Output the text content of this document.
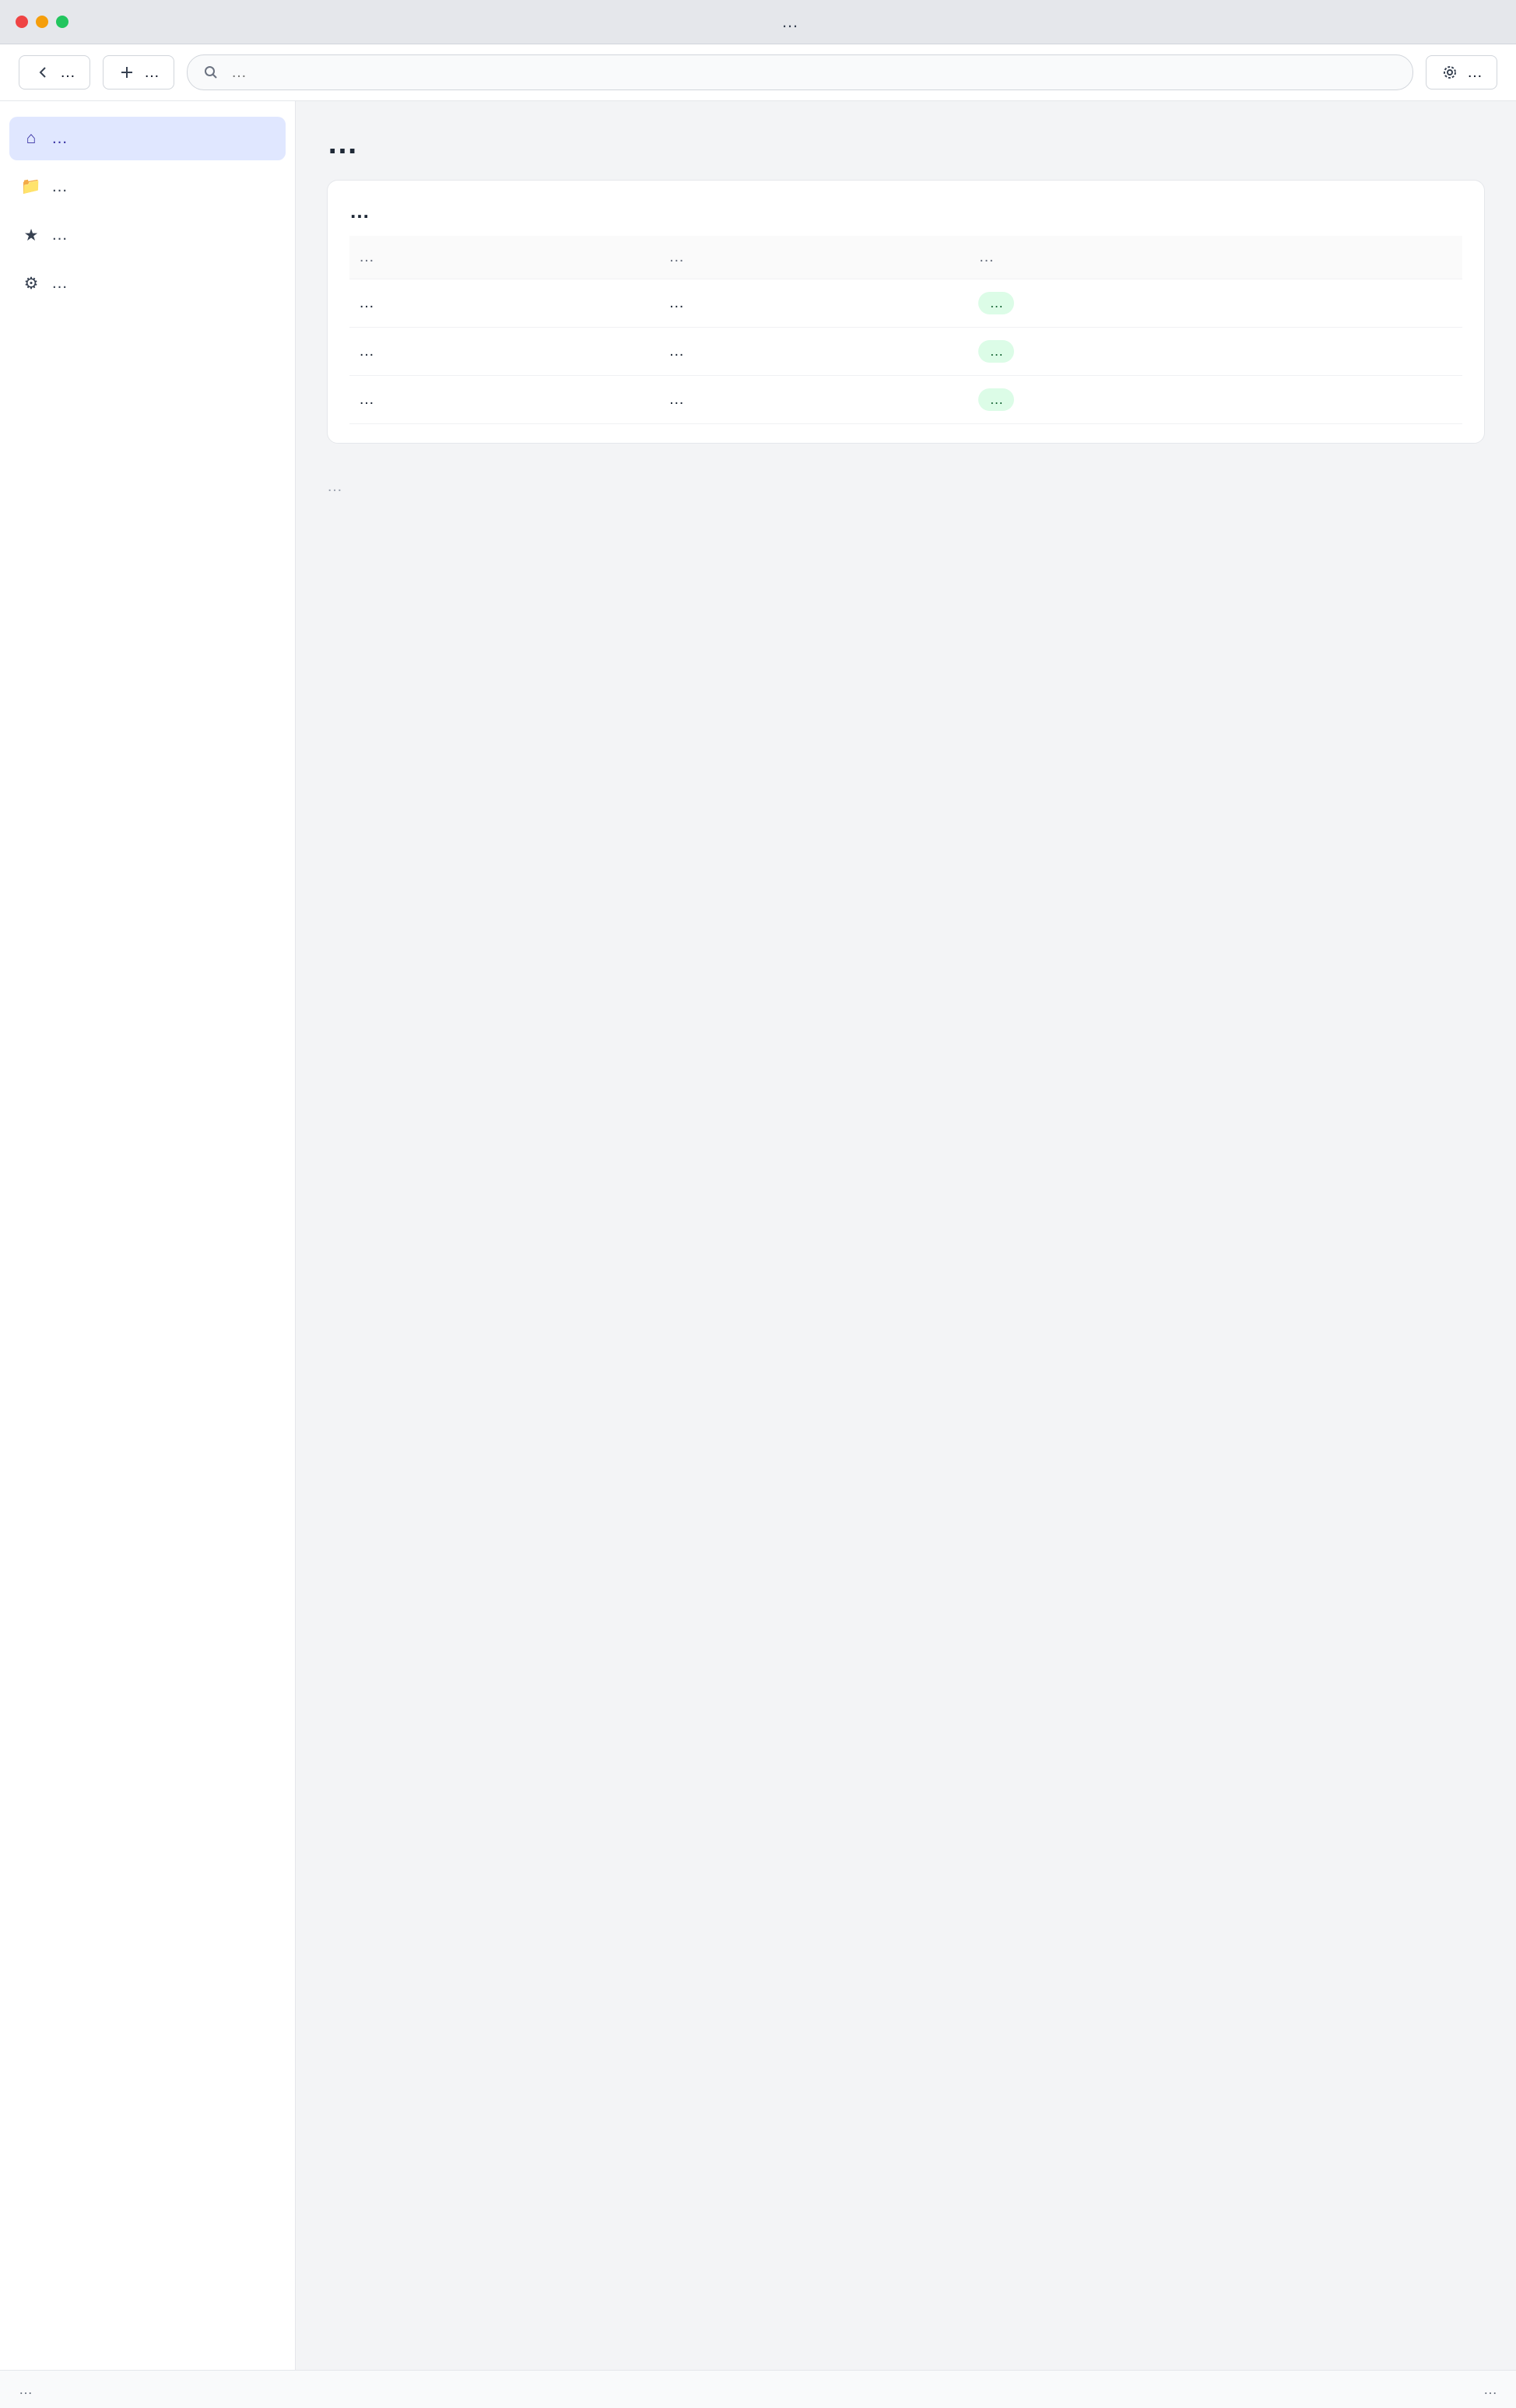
…
…	…
…	…
⌂ …
📁 …
★ …
⚙ …
…
…
…	…	…
…	…	…
…	…	…
…	…	…

…

…	…
